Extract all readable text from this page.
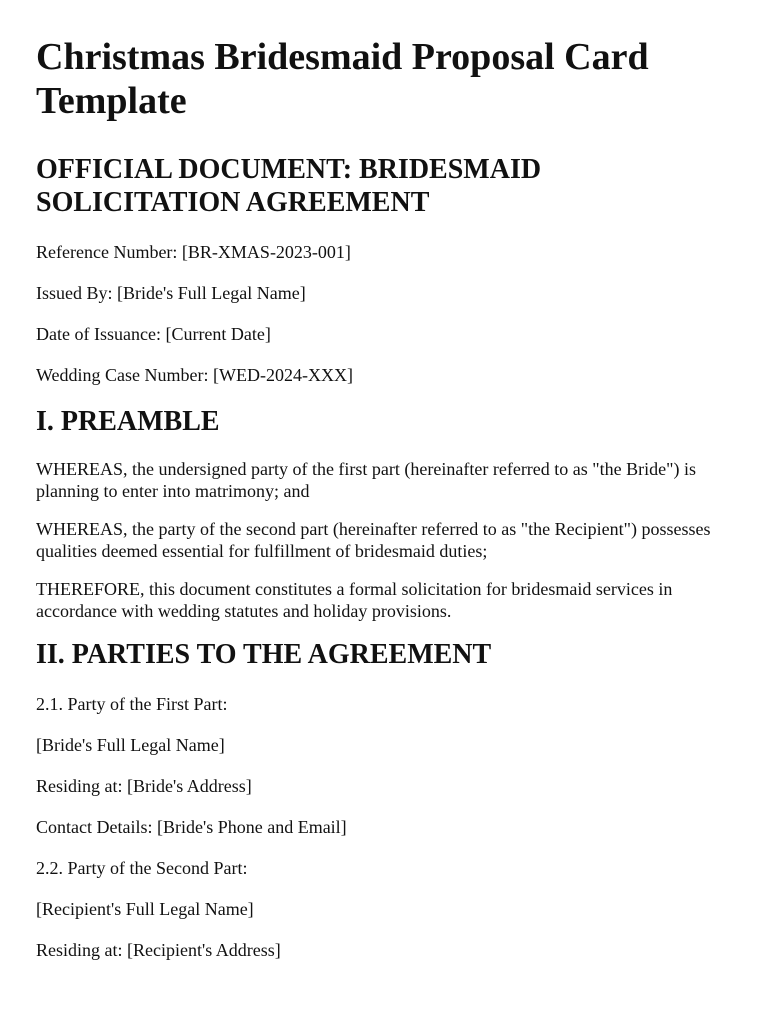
Christmas Bridesmaid Proposal Card Template
OFFICIAL DOCUMENT: BRIDESMAID SOLICITATION AGREEMENT

Reference Number: [BR-XMAS-2023-001]

Issued By: [Bride's Full Legal Name]

Date of Issuance: [Current Date]

Wedding Case Number: [WED-2024-XXX]

I. PREAMBLE

WHEREAS, the undersigned party of the first part (hereinafter referred to as "the Bride") is planning to enter into matrimony; and

WHEREAS, the party of the second part (hereinafter referred to as "the Recipient") possesses qualities deemed essential for fulfillment of bridesmaid duties;

THEREFORE, this document constitutes a formal solicitation for bridesmaid services in accordance with wedding statutes and holiday provisions.

II. PARTIES TO THE AGREEMENT

2.1. Party of the First Part:

[Bride's Full Legal Name]

Residing at: [Bride's Address]

Contact Details: [Bride's Phone and Email]

2.2. Party of the Second Part:

[Recipient's Full Legal Name]

Residing at: [Recipient's Address]
